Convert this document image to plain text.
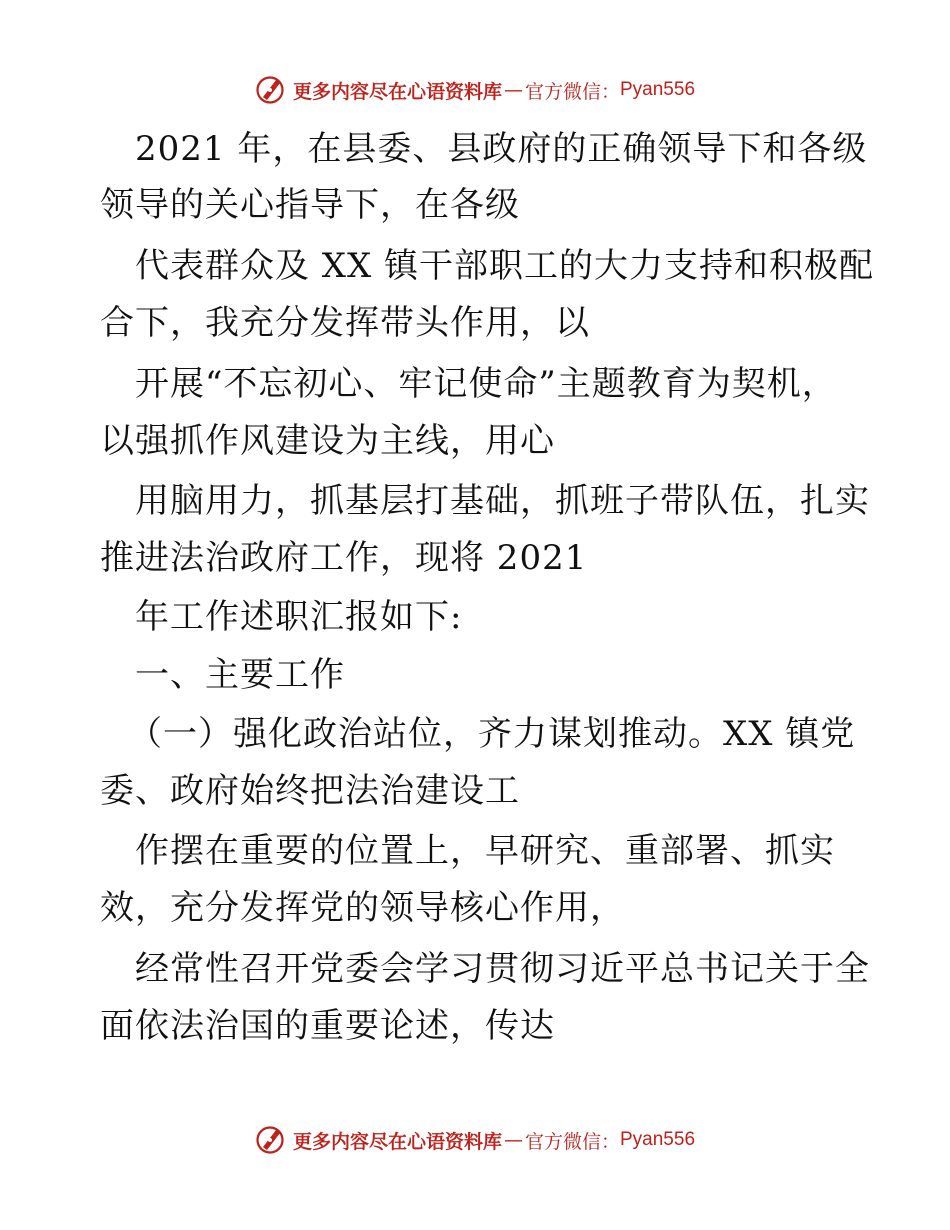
更多内容尽在心语资料库 — 官方微信： Pyan556
2021 年，在县委、县政府的正确领导下和各级
领导的关心指导下，在各级
代表群众及 XX 镇干部职工的大力支持和积极配
合下，我充分发挥带头作用，以
开展“不忘初心、牢记使命”主题教育为契机，
以强抓作风建设为主线，用心
用脑用力，抓基层打基础，抓班子带队伍，扎实
推进法治政府工作，现将 2021
年工作述职汇报如下:
一、主要工作
（一）强化政治站位，齐力谋划推动。XX 镇党
委、政府始终把法治建设工
作摆在重要的位置上，早研究、重部署、抓实
效，充分发挥党的领导核心作用，
经常性召开党委会学习贯彻习近平总书记关于全
面依法治国的重要论述，传达
更多内容尽在心语资料库 — 官方微信： Pyan556
